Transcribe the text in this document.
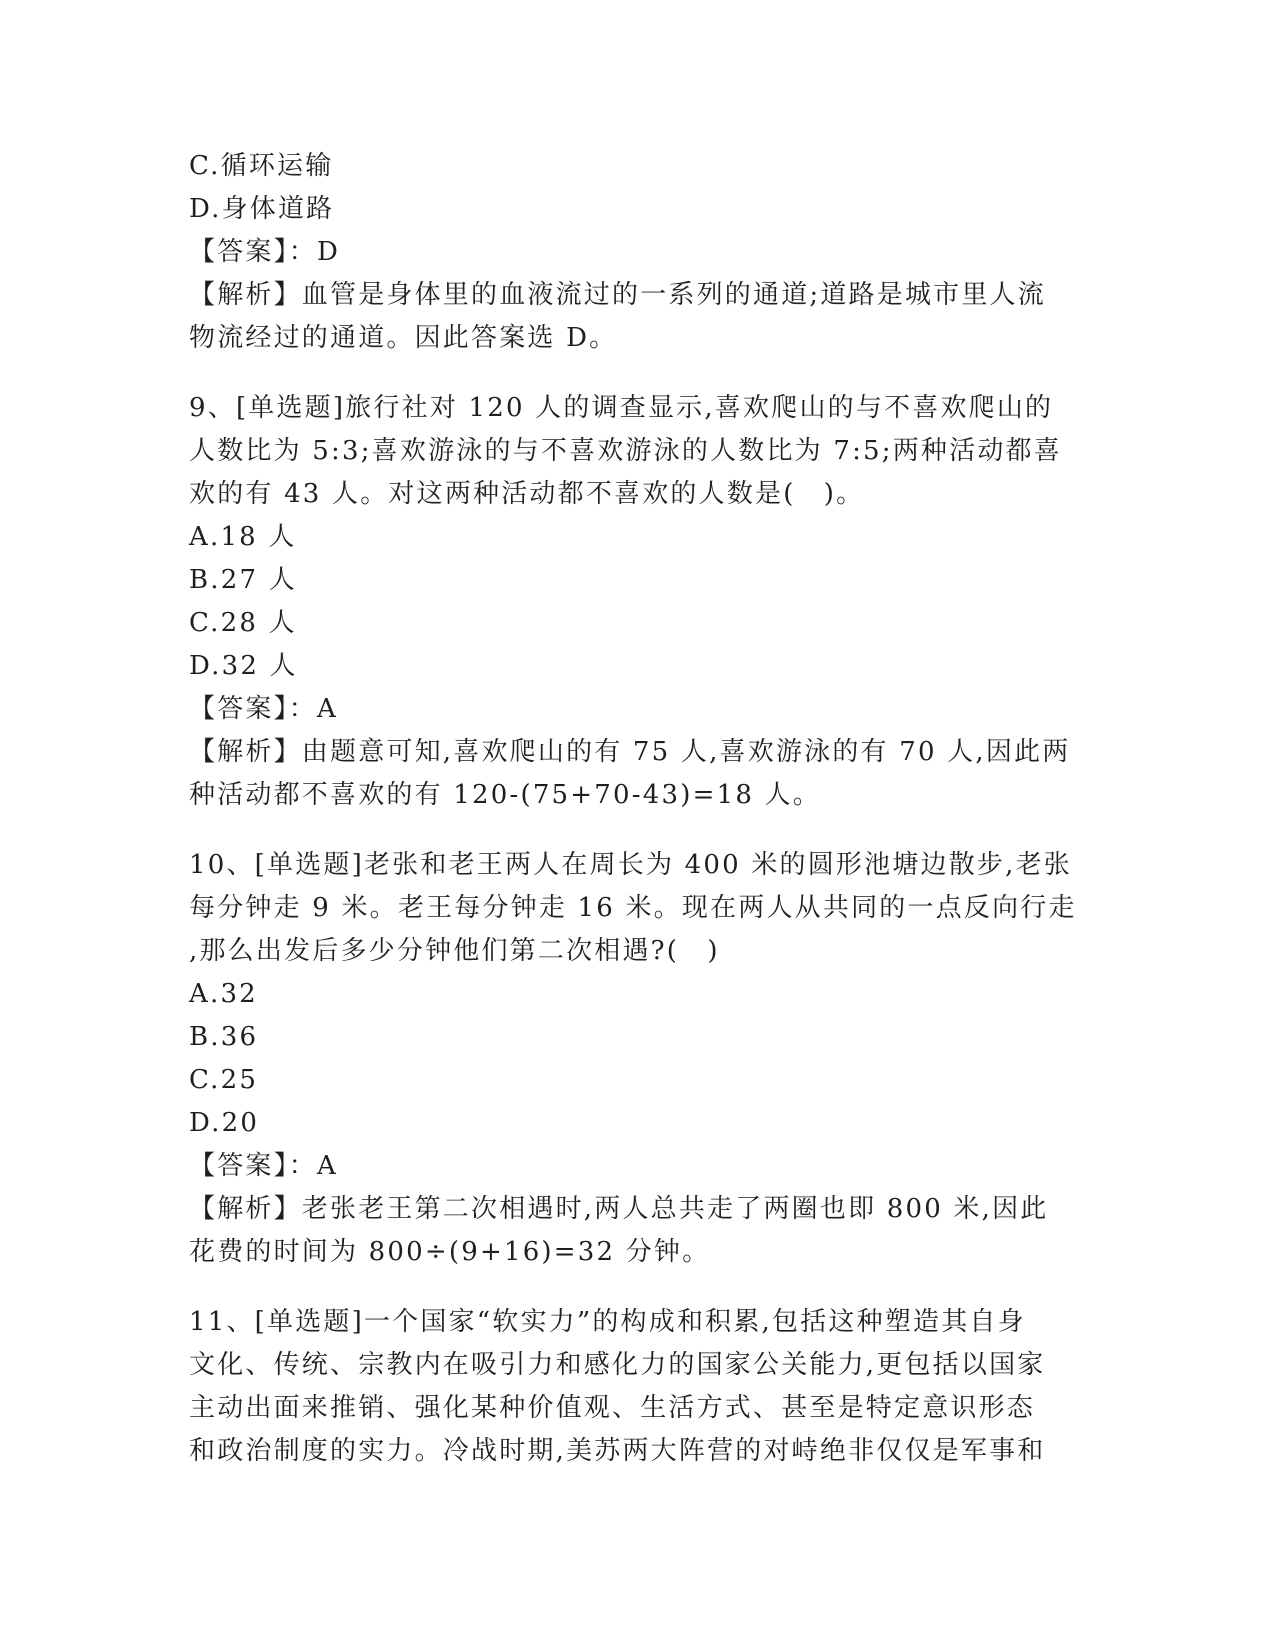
C.循环运输
D.身体道路
【答案】：D
【解析】血管是身体里的血液流过的一系列的通道;道路是城市里人流
物流经过的通道。因此答案选 D。
9、[单选题]旅行社对 120 人的调查显示,喜欢爬山的与不喜欢爬山的
人数比为 5:3;喜欢游泳的与不喜欢游泳的人数比为 7:5;两种活动都喜
欢的有 43 人。对这两种活动都不喜欢的人数是(　)。
A.18 人
B.27 人
C.28 人
D.32 人
【答案】：A
【解析】由题意可知,喜欢爬山的有 75 人,喜欢游泳的有 70 人,因此两
种活动都不喜欢的有 120-(75+70-43)=18 人。
10、[单选题]老张和老王两人在周长为 400 米的圆形池塘边散步,老张
每分钟走 9 米。老王每分钟走 16 米。现在两人从共同的一点反向行走
,那么出发后多少分钟他们第二次相遇?(　)
A.32
B.36
C.25
D.20
【答案】：A
【解析】老张老王第二次相遇时,两人总共走了两圈也即 800 米,因此
花费的时间为 800÷(9+16)=32 分钟。
11、[单选题]一个国家“软实力”的构成和积累,包括这种塑造其自身
文化、传统、宗教内在吸引力和感化力的国家公关能力,更包括以国家
主动出面来推销、强化某种价值观、生活方式、甚至是特定意识形态
和政治制度的实力。冷战时期,美苏两大阵营的对峙绝非仅仅是军事和
